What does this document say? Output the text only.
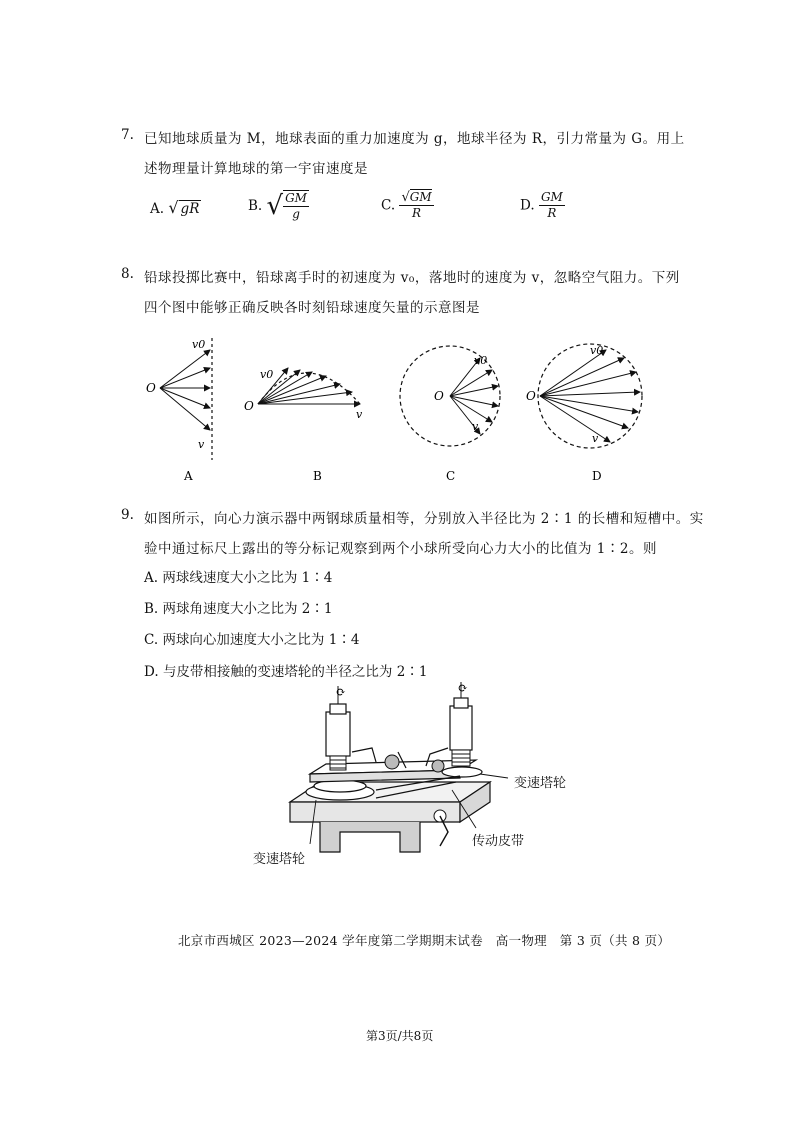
7. 已知地球质量为 M，地球表面的重力加速度为 g，地球半径为 R，引力常量为 G。用上
述物理量计算地球的第一宇宙速度是
A. √ gR	B. √ $\frac{GM}{g}$	C. $\frac{√GM}{R}$	D. $\frac{GM}{R}$
8. 铅球投掷比赛中，铅球离手时的初速度为 v₀，落地时的速度为 v，忽略空气阻力。下列
四个图中能够正确反映各时刻铅球速度矢量的示意图是
O
v0
v
A
O
v0
v
B
O
v0
v
C
O
v0
v
D
9. 如图所示，向心力演示器中两钢球质量相等，分别放入半径比为 2∶1 的长槽和短槽中。实
验中通过标尺上露出的等分标记观察到两个小球所受向心力大小的比值为 1∶2。则
A. 两球线速度大小之比为 1∶4
B. 两球角速度大小之比为 2∶1
C. 两球向心加速度大小之比为 1∶4
D. 与皮带相接触的变速塔轮的半径之比为 2∶1
⟳	⟳
变速塔轮
传动皮带
变速塔轮
北京市西城区 2023—2024 学年度第二学期期末试卷　高一物理　第 3 页（共 8 页）
第3页/共8页
